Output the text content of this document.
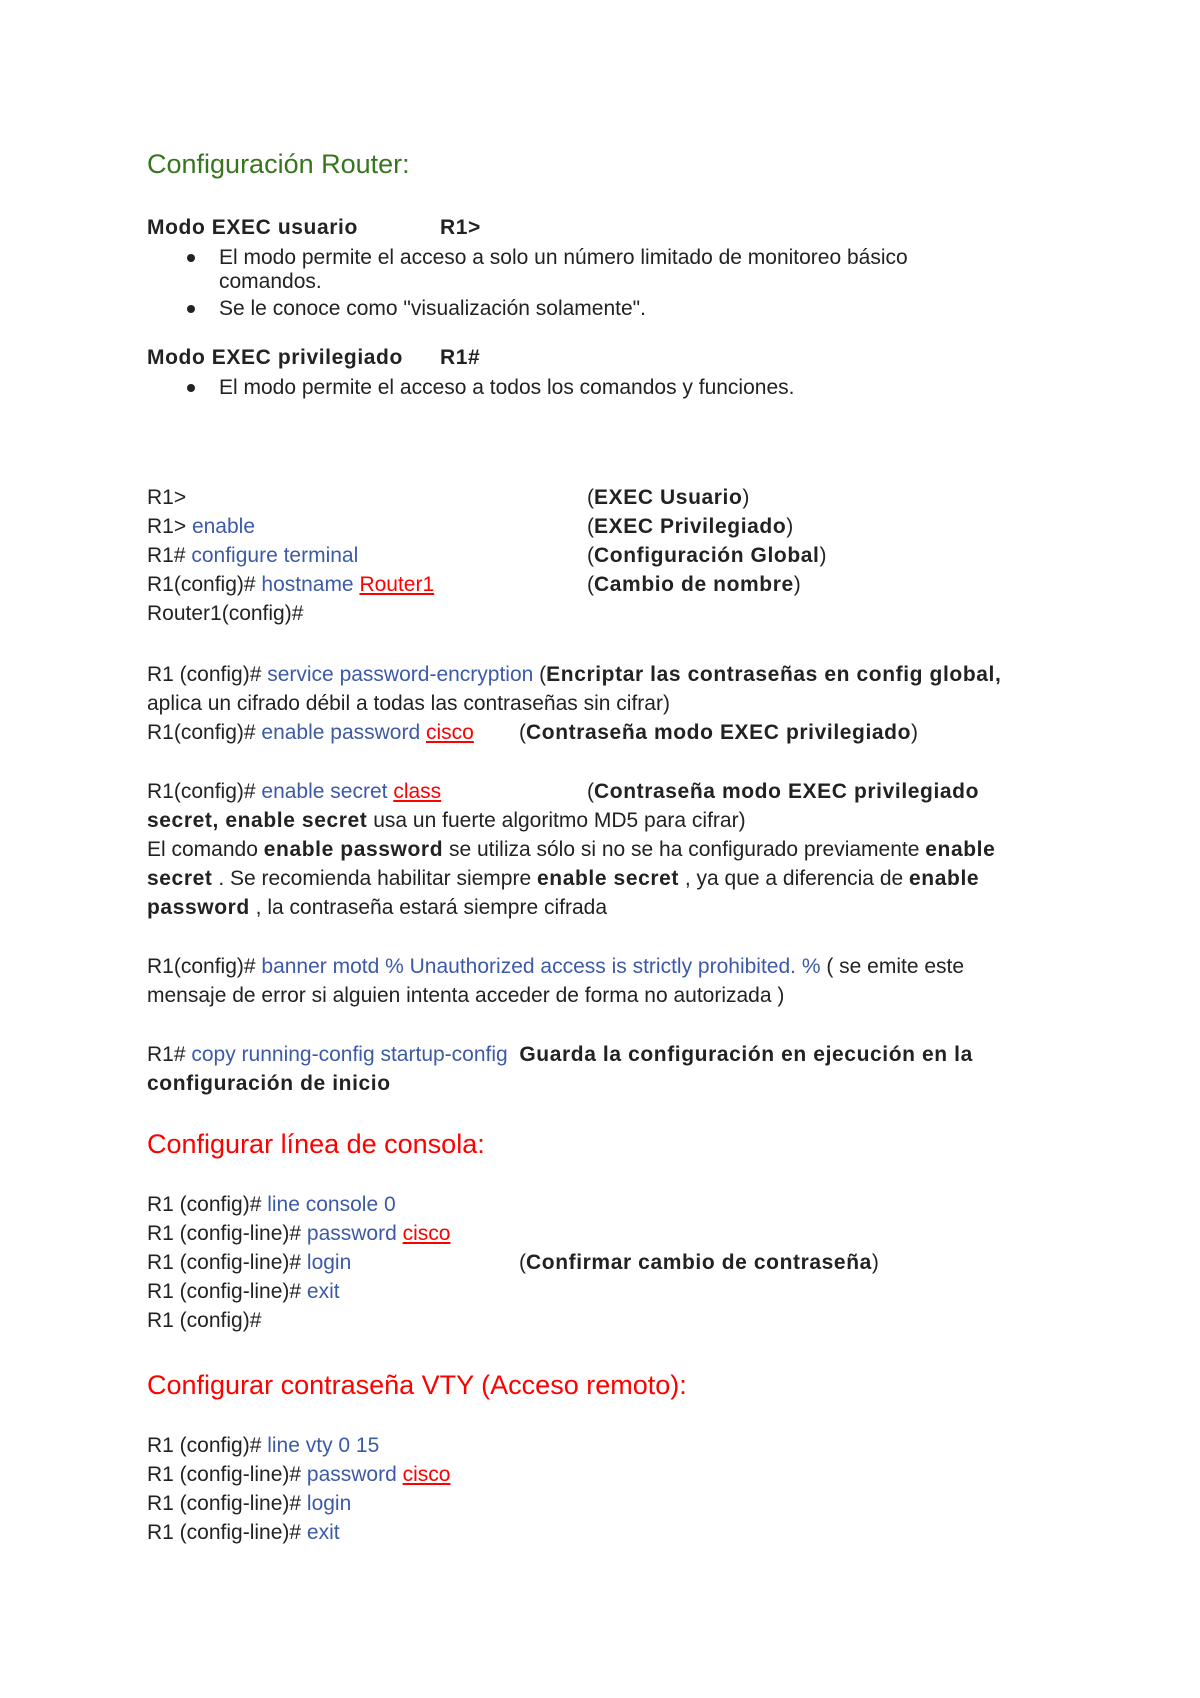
Configuración Router:
Modo EXEC usuario	R1>
El modo permite el acceso a solo un número limitado de monitoreo básico
comandos.
Se le conoce como "visualización solamente".
Modo EXEC privilegiado R1#
El modo permite el acceso a todos los comandos y funciones.
R1>	(EXEC Usuario)
R1> enable	(EXEC Privilegiado)
R1# configure terminal	(Configuración Global)
R1(config)# hostname Router1	(Cambio de nombre)
Router1(config)#
R1 (config)# service password-encryption (Encriptar las contraseñas en config global,
aplica un cifrado débil a todas las contraseñas sin cifrar)
R1(config)# enable password cisco (Contraseña modo EXEC privilegiado)
R1(config)# enable secret class	(Contraseña modo EXEC privilegiado
secret, enable secret usa un fuerte algoritmo MD5 para cifrar)
El comando enable password se utiliza sólo si no se ha configurado previamente enable
secret . Se recomienda habilitar siempre enable secret , ya que a diferencia de enable
password , la contraseña estará siempre cifrada
R1(config)# banner motd % Unauthorized access is strictly prohibited. % ( se emite este
mensaje de error si alguien intenta acceder de forma no autorizada )
R1# copy running-config startup-config Guarda la configuración en ejecución en la
configuración de inicio
Configurar línea de consola:
R1 (config)# line console 0
R1 (config-line)# password cisco
R1 (config-line)# login	(Confirmar cambio de contraseña)
R1 (config-line)# exit
R1 (config)#
Configurar contraseña VTY (Acceso remoto):
R1 (config)# line vty 0 15
R1 (config-line)# password cisco
R1 (config-line)# login
R1 (config-line)# exit
